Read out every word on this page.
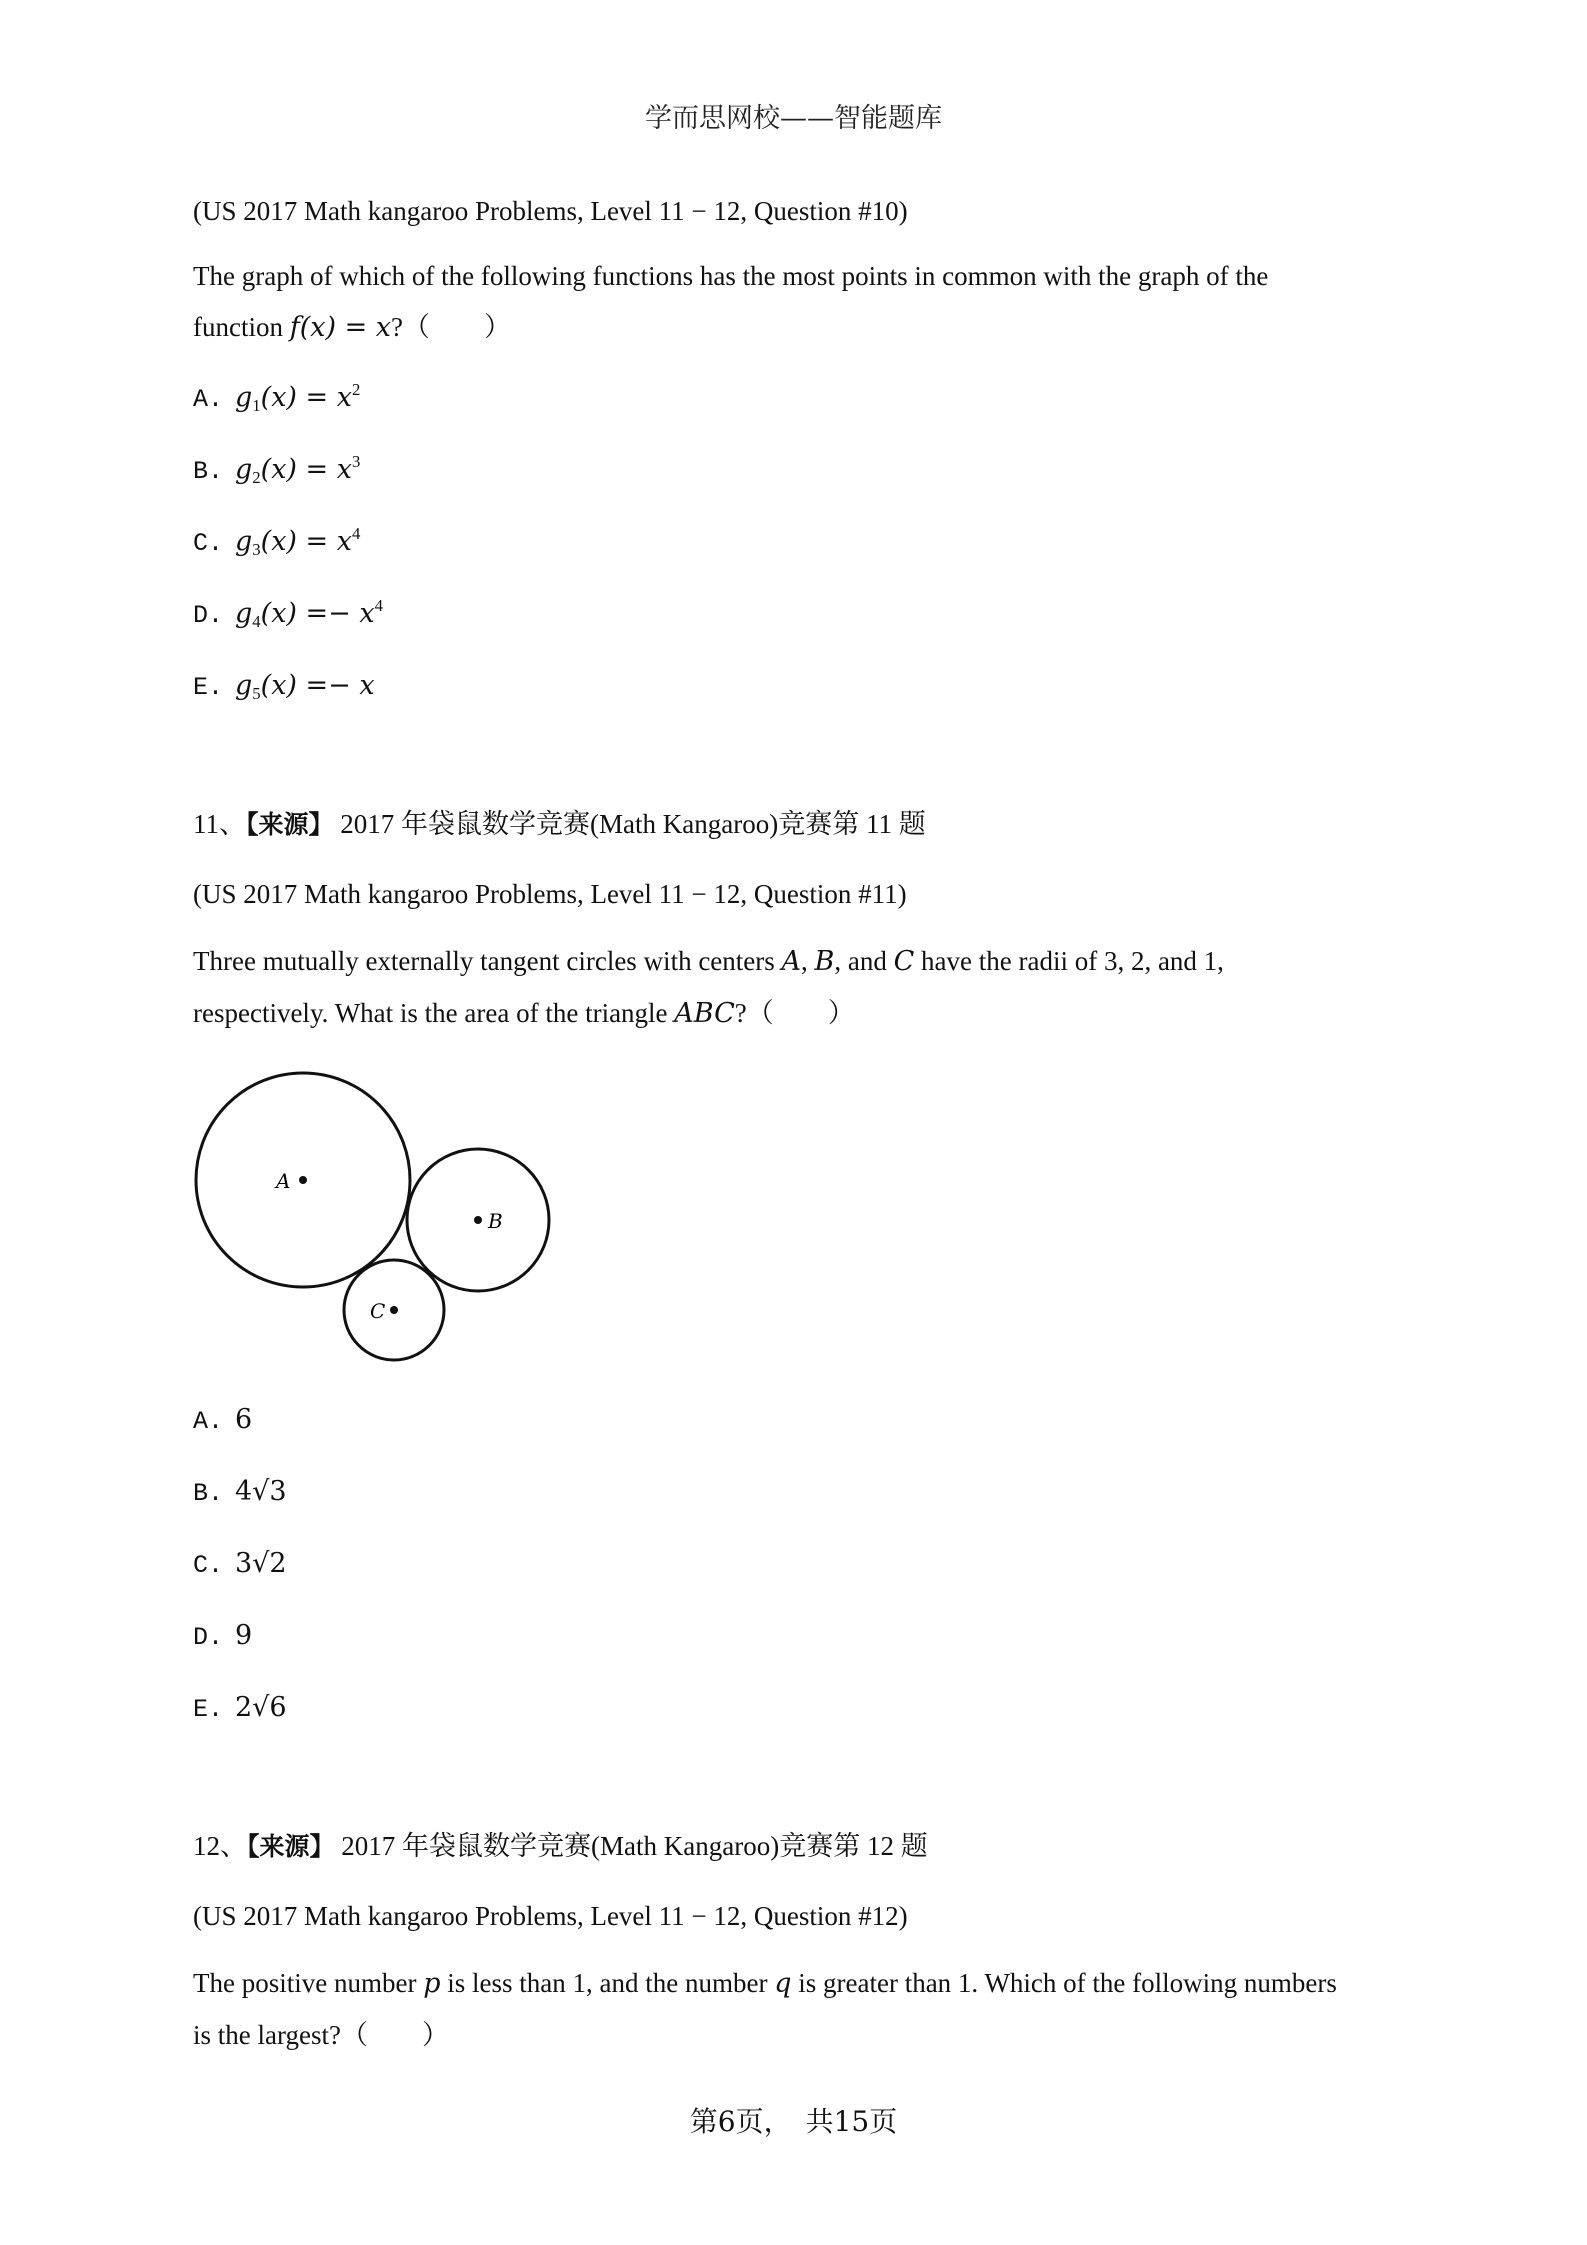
学而思网校——智能题库
(US 2017 Math kangaroo Problems, Level 11 − 12, Question #10)
The graph of which of the following functions has the most points in common with the graph of the
function f(x) = x?（　　）
A. $g_1(x) = x^2$
B. $g_2(x) = x^3$
C. $g_3(x) = x^4$
D. $g_4(x) =- x^4$
E. $g_5(x) =- x$
11、【来源】 2017 年袋鼠数学竞赛(Math Kangaroo)竞赛第 11 题
(US 2017 Math kangaroo Problems, Level 11 − 12, Question #11)
Three mutually externally tangent circles with centers A, B, and C have the radii of 3, 2, and 1,
respectively. What is the area of the triangle ABC?（　　）
A
B
C
A. 6
B. 4√3
C. 3√2
D. 9
E. 2√6
12、【来源】 2017 年袋鼠数学竞赛(Math Kangaroo)竞赛第 12 题
(US 2017 Math kangaroo Problems, Level 11 − 12, Question #12)
The positive number p is less than 1, and the number q is greater than 1. Which of the following numbers
is the largest?（　　）
第6页，　共15页
